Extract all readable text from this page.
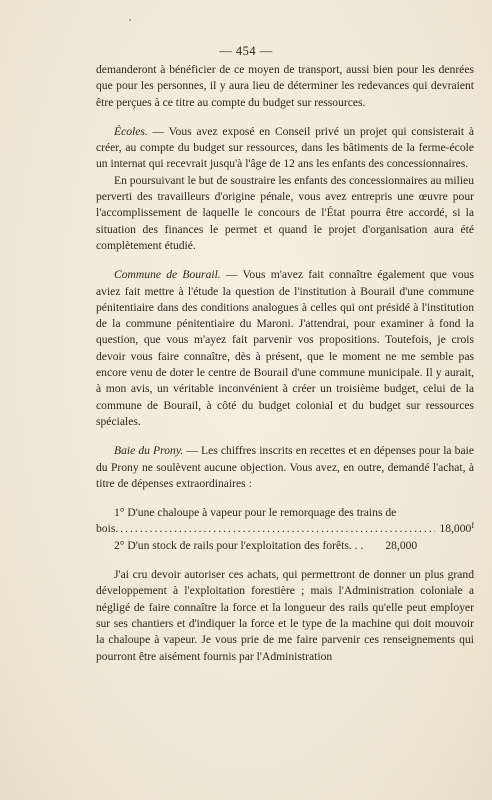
— 454 —

demanderont à bénéficier de ce moyen de transport, aussi bien pour les denrées que pour les personnes, il y aura lieu de déterminer les redevances qui devraient être perçues à ce titre au compte du budget sur ressources.

Écoles. — Vous avez exposé en Conseil privé un projet qui consisterait à créer, au compte du budget sur ressources, dans les bâtiments de la ferme-école un internat qui recevrait jusqu'à l'âge de 12 ans les enfants des concessionnaires.

En poursuivant le but de soustraire les enfants des concessionnaires au milieu perverti des travailleurs d'origine pénale, vous avez entrepris une œuvre pour l'accomplissement de laquelle le concours de l'État pourra être accordé, si la situation des finances le permet et quand le projet d'organisation aura été complètement étudié.

Commune de Bourail. — Vous m'avez fait connaître également que vous aviez fait mettre à l'étude la question de l'institution à Bourail d'une commune pénitentiaire dans des conditions analogues à celles qui ont présidé à l'institution de la commune pénitentiaire du Maroni. J'attendrai, pour examiner à fond la question, que vous m'ayez fait parvenir vos propositions. Toutefois, je crois devoir vous faire connaître, dès à présent, que le moment ne me semble pas encore venu de doter le centre de Bourail d'une commune municipale. Il y aurait, à mon avis, un véritable inconvénient à créer un troisième budget, celui de la commune de Bourail, à côté du budget colonial et du budget sur ressources spéciales.

Baie du Prony. — Les chiffres inscrits en recettes et en dépenses pour la baie du Prony ne soulèvent aucune objection. Vous avez, en outre, demandé l'achat, à titre de dépenses extraordinaires :

1° D'une chaloupe à vapeur pour le remorquage des trains de

bois
.....	18,000$^f$

2° D'un stock de rails pour l'exploitation des forêts. . . 28,000

J'ai cru devoir autoriser ces achats, qui permettront de donner un plus grand développement à l'exploitation forestière ; mais l'Administration coloniale a négligé de faire connaître la force et la longueur des rails qu'elle peut employer sur ses chantiers et d'indiquer la force et le type de la machine qui doit mouvoir la chaloupe à vapeur. Je vous prie de me faire parvenir ces renseignements qui pourront être aisément fournis par l'Administration
